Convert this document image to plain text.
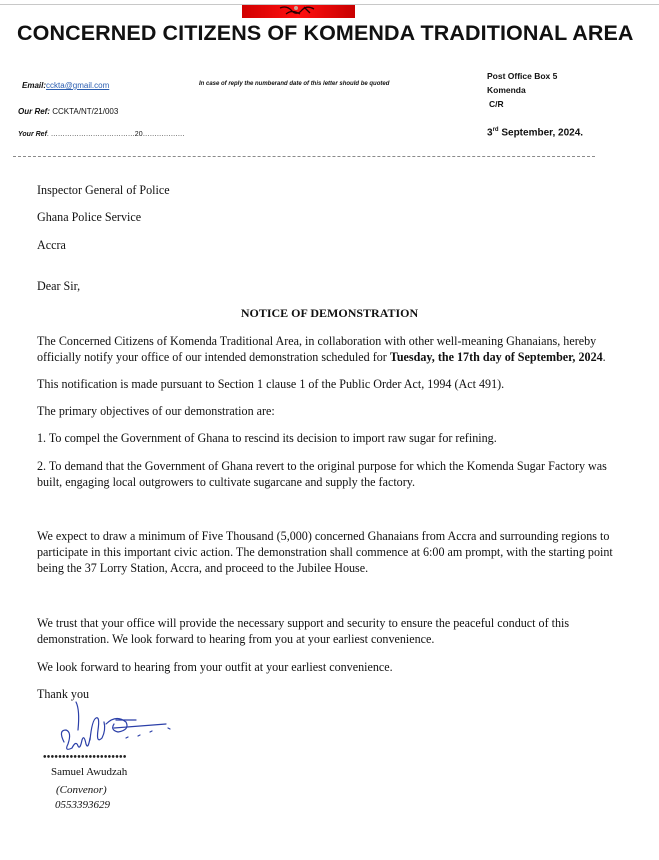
CONCERNED CITIZENS OF KOMENDA TRADITIONAL AREA
Email:cckta@gmail.com	In case of reply the numberand date of this letter should be quoted
Our Ref: CCKTA/NT/21/003
Your Ref. ………………………………20………………
Post Office Box 5
Komenda
C/R
3rd September, 2024.
Inspector General of Police
Ghana Police Service
Accra
Dear Sir,
NOTICE OF DEMONSTRATION
The Concerned Citizens of Komenda Traditional Area, in collaboration with other well-meaning Ghanaians, hereby officially notify your office of our intended demonstration scheduled for Tuesday, the 17th day of September, 2024.
This notification is made pursuant to Section 1 clause 1 of the Public Order Act, 1994 (Act 491).
The primary objectives of our demonstration are:
1. To compel the Government of Ghana to rescind its decision to import raw sugar for refining.
2. To demand that the Government of Ghana revert to the original purpose for which the Komenda Sugar Factory was built, engaging local outgrowers to cultivate sugarcane and supply the factory.
We expect to draw a minimum of Five Thousand (5,000) concerned Ghanaians from Accra and surrounding regions to participate in this important civic action. The demonstration shall commence at 6:00 am prompt, with the starting point being the 37 Lorry Station, Accra, and proceed to the Jubilee House.
We trust that your office will provide the necessary support and security to ensure the peaceful conduct of this demonstration. We look forward to hearing from you at your earliest convenience.
We look forward to hearing from your outfit at your earliest convenience.
Thank you
••••••••••••••••••••••
Samuel Awudzah
(Convenor)
0553393629
